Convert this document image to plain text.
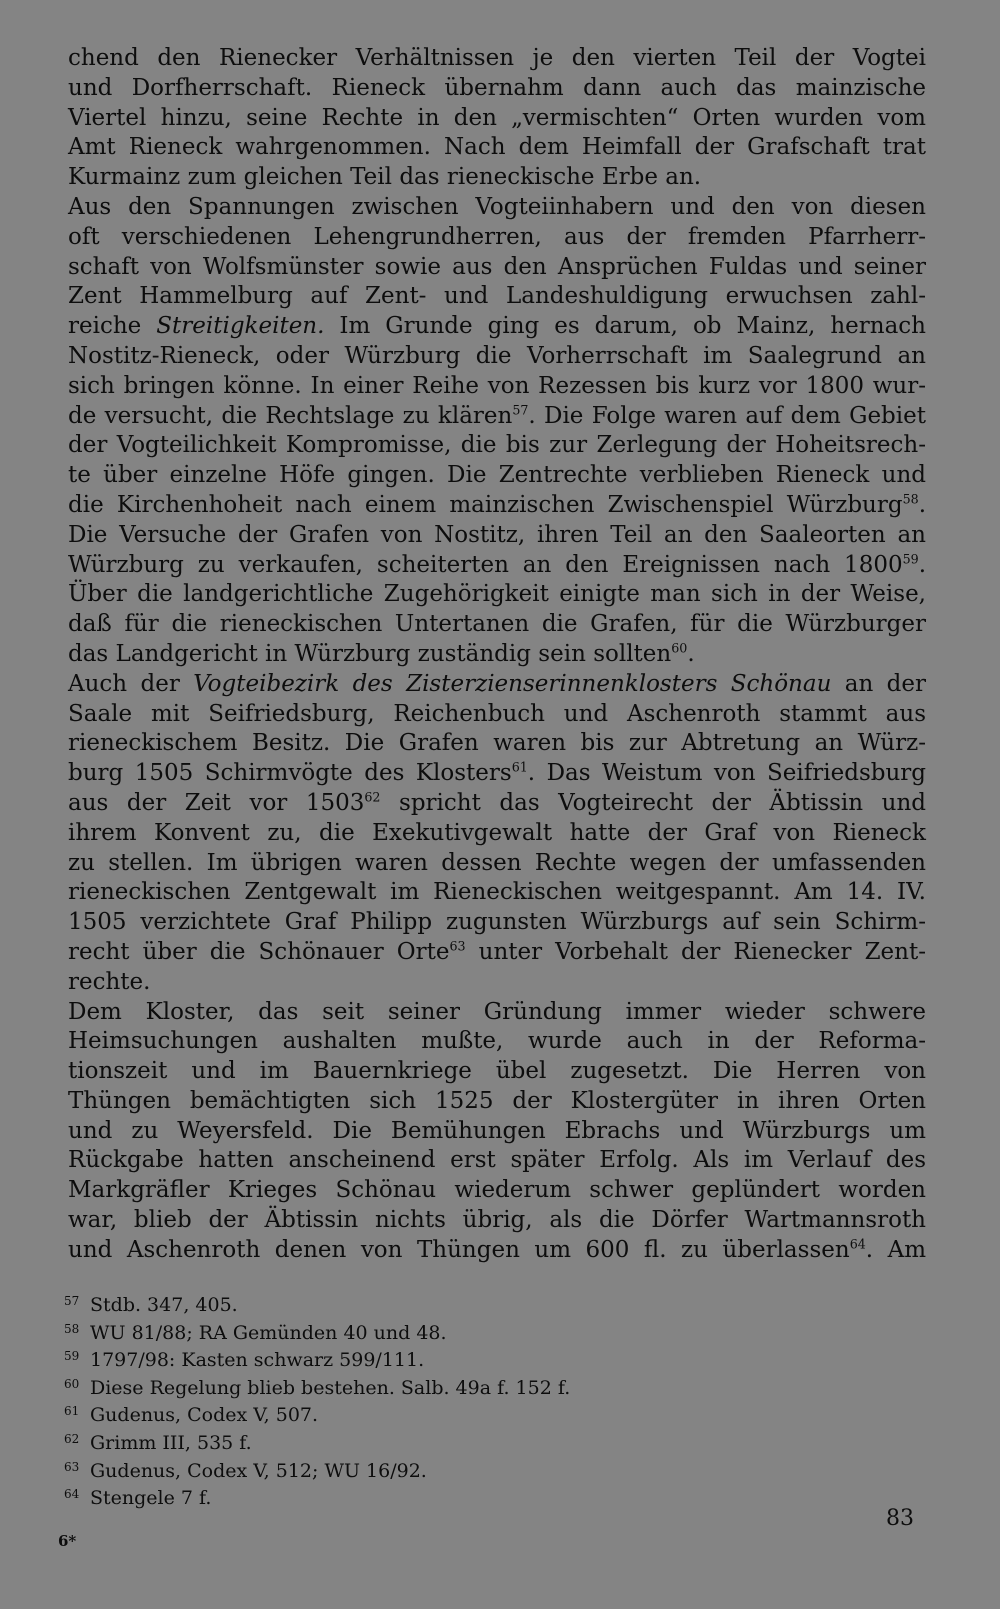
chend den Rienecker Verhältnissen je den vierten Teil der Vogtei
und Dorfherrschaft. Rieneck übernahm dann auch das mainzische
Viertel hinzu, seine Rechte in den „vermischten“ Orten wurden vom
Amt Rieneck wahrgenommen. Nach dem Heimfall der Grafschaft trat
Kurmainz zum gleichen Teil das rieneckische Erbe an.
Aus den Spannungen zwischen Vogteiinhabern und den von diesen
oft verschiedenen Lehengrundherren, aus der fremden Pfarrherr-
schaft von Wolfsmünster sowie aus den Ansprüchen Fuldas und seiner
Zent Hammelburg auf Zent- und Landeshuldigung erwuchsen zahl-
reiche Streitigkeiten. Im Grunde ging es darum, ob Mainz, hernach
Nostitz-Rieneck, oder Würzburg die Vorherrschaft im Saalegrund an
sich bringen könne. In einer Reihe von Rezessen bis kurz vor 1800 wur-
de versucht, die Rechtslage zu klären$^{57}$. Die Folge waren auf dem Gebiet
der Vogteilichkeit Kompromisse, die bis zur Zerlegung der Hoheitsrech-
te über einzelne Höfe gingen. Die Zentrechte verblieben Rieneck und
die Kirchenhoheit nach einem mainzischen Zwischenspiel Würzburg$^{58}$.
Die Versuche der Grafen von Nostitz, ihren Teil an den Saaleorten an
Würzburg zu verkaufen, scheiterten an den Ereignissen nach 1800$^{59}$.
Über die landgerichtliche Zugehörigkeit einigte man sich in der Weise,
daß für die rieneckischen Untertanen die Grafen, für die Würzburger
das Landgericht in Würzburg zuständig sein sollten$^{60}$.
Auch der Vogteibezirk des Zisterzienserinnenklosters Schönau an der
Saale mit Seifriedsburg, Reichenbuch und Aschenroth stammt aus
rieneckischem Besitz. Die Grafen waren bis zur Abtretung an Würz-
burg 1505 Schirmvögte des Klosters$^{61}$. Das Weistum von Seifriedsburg
aus der Zeit vor 1503$^{62}$ spricht das Vogteirecht der Äbtissin und
ihrem Konvent zu, die Exekutivgewalt hatte der Graf von Rieneck
zu stellen. Im übrigen waren dessen Rechte wegen der umfassenden
rieneckischen Zentgewalt im Rieneckischen weitgespannt. Am 14. IV.
1505 verzichtete Graf Philipp zugunsten Würzburgs auf sein Schirm-
recht über die Schönauer Orte$^{63}$ unter Vorbehalt der Rienecker Zent-
rechte.
Dem Kloster, das seit seiner Gründung immer wieder schwere
Heimsuchungen aushalten mußte, wurde auch in der Reforma-
tionszeit und im Bauernkriege übel zugesetzt. Die Herren von
Thüngen bemächtigten sich 1525 der Klostergüter in ihren Orten
und zu Weyersfeld. Die Bemühungen Ebrachs und Würzburgs um
Rückgabe hatten anscheinend erst später Erfolg. Als im Verlauf des
Markgräfler Krieges Schönau wiederum schwer geplündert worden
war, blieb der Äbtissin nichts übrig, als die Dörfer Wartmannsroth
und Aschenroth denen von Thüngen um 600 fl. zu überlassen$^{64}$. Am
57 Stdb. 347, 405.
58 WU 81/88; RA Gemünden 40 und 48.
59 1797/98: Kasten schwarz 599/111.
60 Diese Regelung blieb bestehen. Salb. 49a f. 152 f.
61 Gudenus, Codex V, 507.
62 Grimm III, 535 f.
63 Gudenus, Codex V, 512; WU 16/92.
64 Stengele 7 f.
83
6*
